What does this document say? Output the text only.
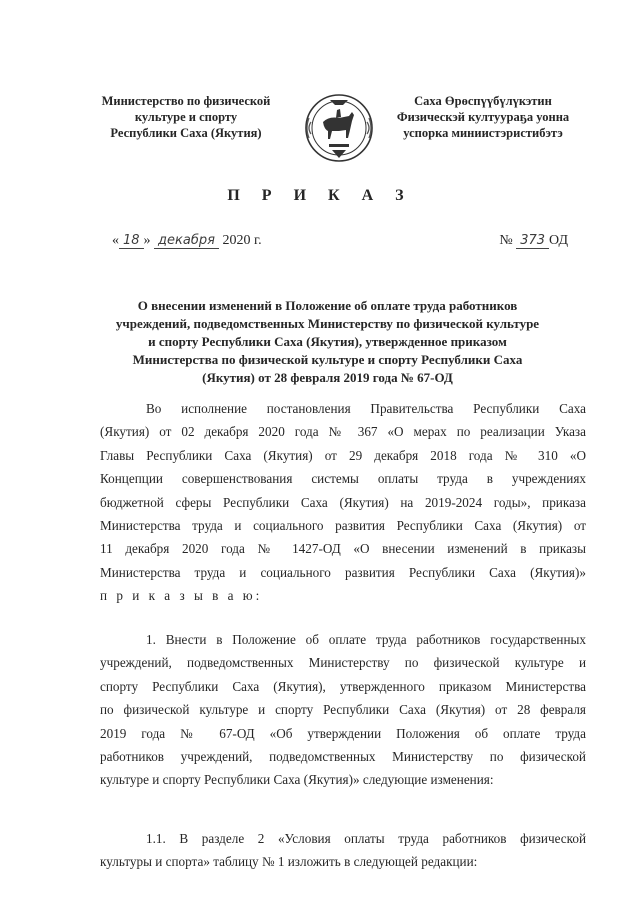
Министерство по физической
культуре и спорту
Республики Саха (Якутия)
Саха Өрөспүүбүлүкэтин
Физическэй култуураҕа уонна
успорка миниистэристибэтэ
П Р И К А З
« 18 » декабря 2020 г.	№ 373 ОД
О внесении изменений в Положение об оплате труда работников
учреждений, подведомственных Министерству по физической культуре
и спорту Республики Саха (Якутия), утвержденное приказом
Министерства по физической культуре и спорту Республики Саха
(Якутия) от 28 февраля 2019 года № 67-ОД
Во исполнение постановления Правительства Республики Саха
(Якутия) от 02 декабря 2020 года № 367 «О мерах по реализации Указа
Главы Республики Саха (Якутия) от 29 декабря 2018 года № 310 «О
Концепции совершенствования системы оплаты труда в учреждениях
бюджетной сферы Республики Саха (Якутия) на 2019-2024 годы», приказа
Министерства труда и социального развития Республики Саха (Якутия) от
11 декабря 2020 года № 1427-ОД «О внесении изменений в приказы
Министерства труда и социального развития Республики Саха (Якутия)»
п р и к а з ы в а ю:
1. Внести в Положение об оплате труда работников государственных
учреждений, подведомственных Министерству по физической культуре и
спорту Республики Саха (Якутия), утвержденного приказом Министерства
по физической культуре и спорту Республики Саха (Якутия) от 28 февраля
2019 года № 67-ОД «Об утверждении Положения об оплате труда
работников учреждений, подведомственных Министерству по физической
культуре и спорту Республики Саха (Якутия)» следующие изменения:
1.1. В разделе 2 «Условия оплаты труда работников физической
культуры и спорта» таблицу № 1 изложить в следующей редакции:
